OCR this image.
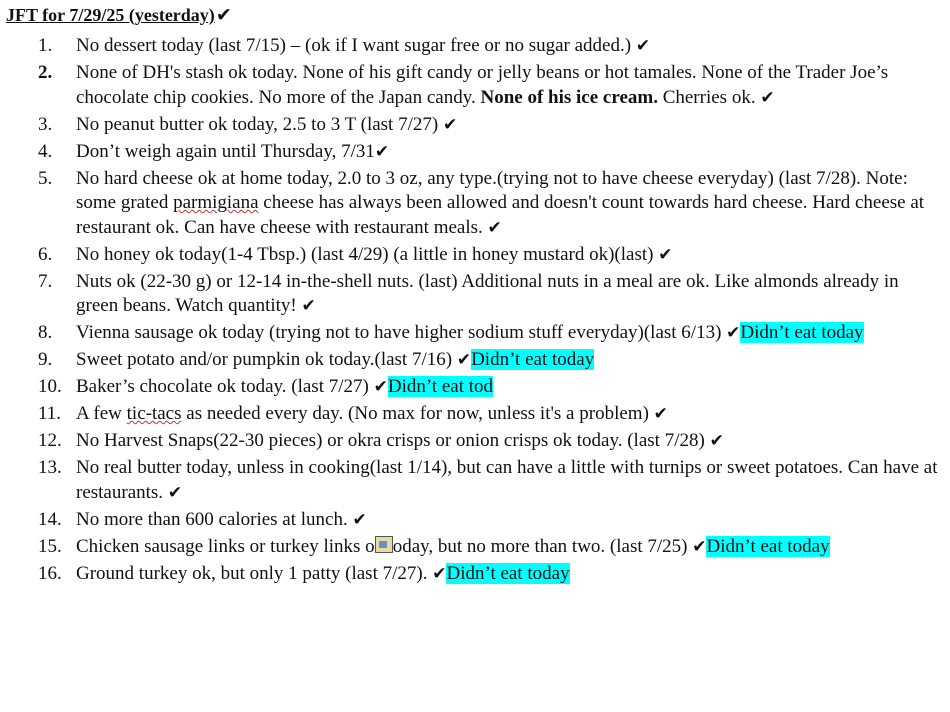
JFT for 7/29/25 (yesterday)✔
1. No dessert today (last 7/15) – (ok if I want sugar free or no sugar added.) ✔
2. None of DH's stash ok today. None of his gift candy or jelly beans or hot tamales. None of the Trader Joe’s chocolate chip cookies. No more of the Japan candy. None of his ice cream. Cherries ok. ✔
3. No peanut butter ok today, 2.5 to 3 T (last 7/27) ✔
4. Don’t weigh again until Thursday, 7/31✔
5. No hard cheese ok at home today, 2.0 to 3 oz, any type.(trying not to have cheese everyday) (last 7/28). Note: some grated parmigiana cheese has always been allowed and doesn't count towards hard cheese. Hard cheese at restaurant ok. Can have cheese with restaurant meals. ✔
6. No honey ok today(1-4 Tbsp.) (last 4/29) (a little in honey mustard ok)(last) ✔
7. Nuts ok (22-30 g) or 12-14 in-the-shell nuts. (last) Additional nuts in a meal are ok. Like almonds already in green beans. Watch quantity! ✔
8. Vienna sausage ok today (trying not to have higher sodium stuff everyday)(last 6/13) ✔Didn’t eat today
9. Sweet potato and/or pumpkin ok today.(last 7/16) ✔Didn’t eat today
10. Baker’s chocolate ok today. (last 7/27) ✔Didn’t eat tod
11. A few tic-tacs as needed every day. (No max for now, unless it's a problem) ✔
12. No Harvest Snaps(22-30 pieces) or okra crisps or onion crisps ok today. (last 7/28) ✔
13. No real butter today, unless in cooking(last 1/14), but can have a little with turnips or sweet potatoes. Can have at restaurants. ✔
14. No more than 600 calories at lunch. ✔
15. Chicken sausage links or turkey links o oday, but no more than two. (last 7/25) ✔Didn’t eat today
16. Ground turkey ok, but only 1 patty (last 7/27). ✔Didn’t eat today
